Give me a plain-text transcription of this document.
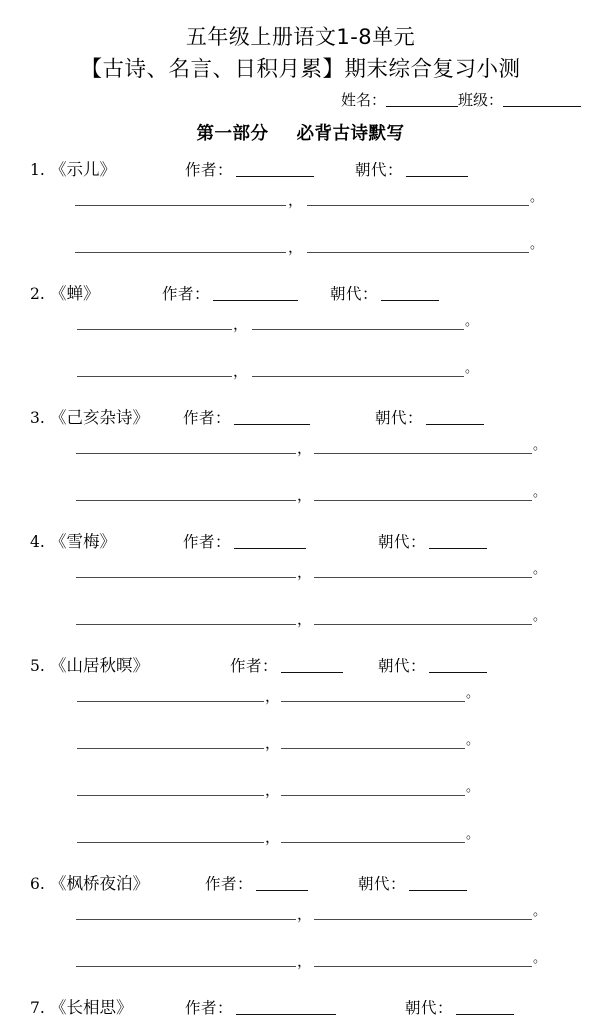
五年级上册语文1-8单元
【古诗、名言、日积月累】期末综合复习小测
姓名：	班级：
第一部分 必背古诗默写
1. 《示儿》	作者：	朝代：
，	。
，	。
2. 《蝉》	作者：	朝代：
，	。
，	。
3. 《己亥杂诗》 作者：	朝代：
，	。
，	。
4. 《雪梅》	作者：	朝代：
，	。
，	。
5. 《山居秋暝》	作者：	朝代：
，	。
，	。
，	。
，	。
6. 《枫桥夜泊》	作者：	朝代：
，	。
，	。
7. 《长相思》	作者：	朝代：
